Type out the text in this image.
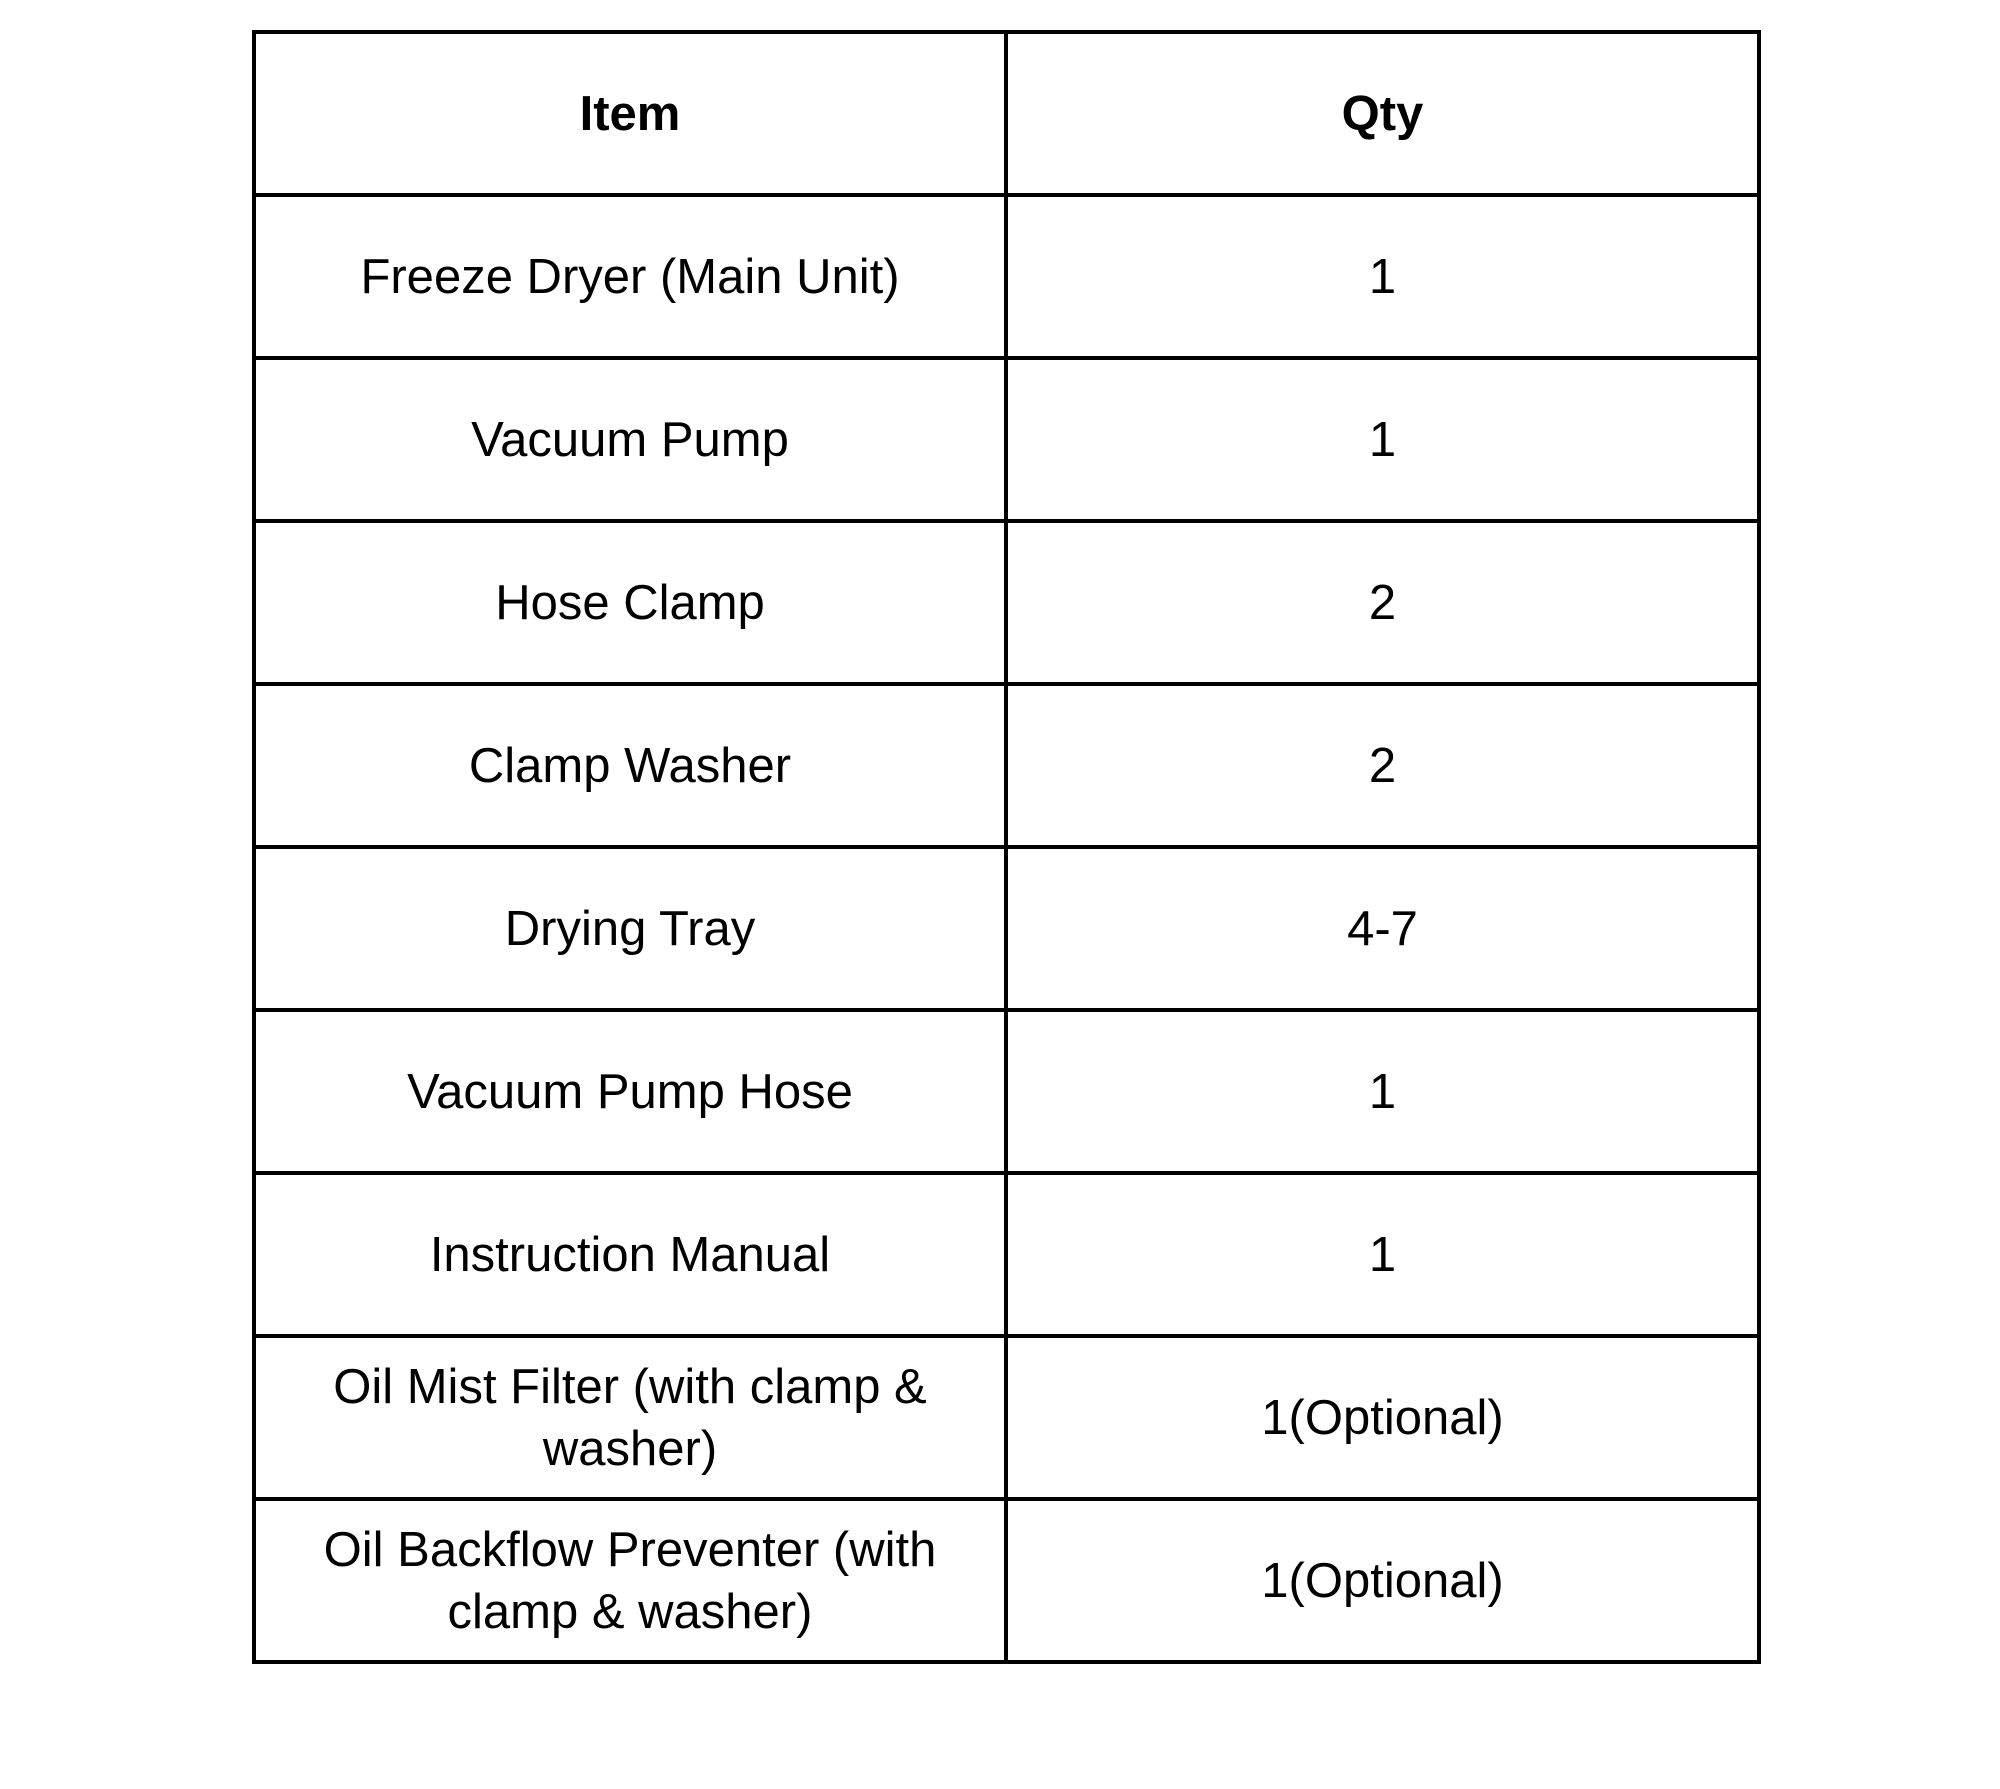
Item	Qty
Freeze Dryer (Main Unit)	1
Vacuum Pump	1
Hose Clamp	2
Clamp Washer	2
Drying Tray	4-7
Vacuum Pump Hose	1
Instruction Manual	1
Oil Mist Filter (with clamp & washer)	1(Optional)
Oil Backflow Preventer (with clamp & washer)	1(Optional)
